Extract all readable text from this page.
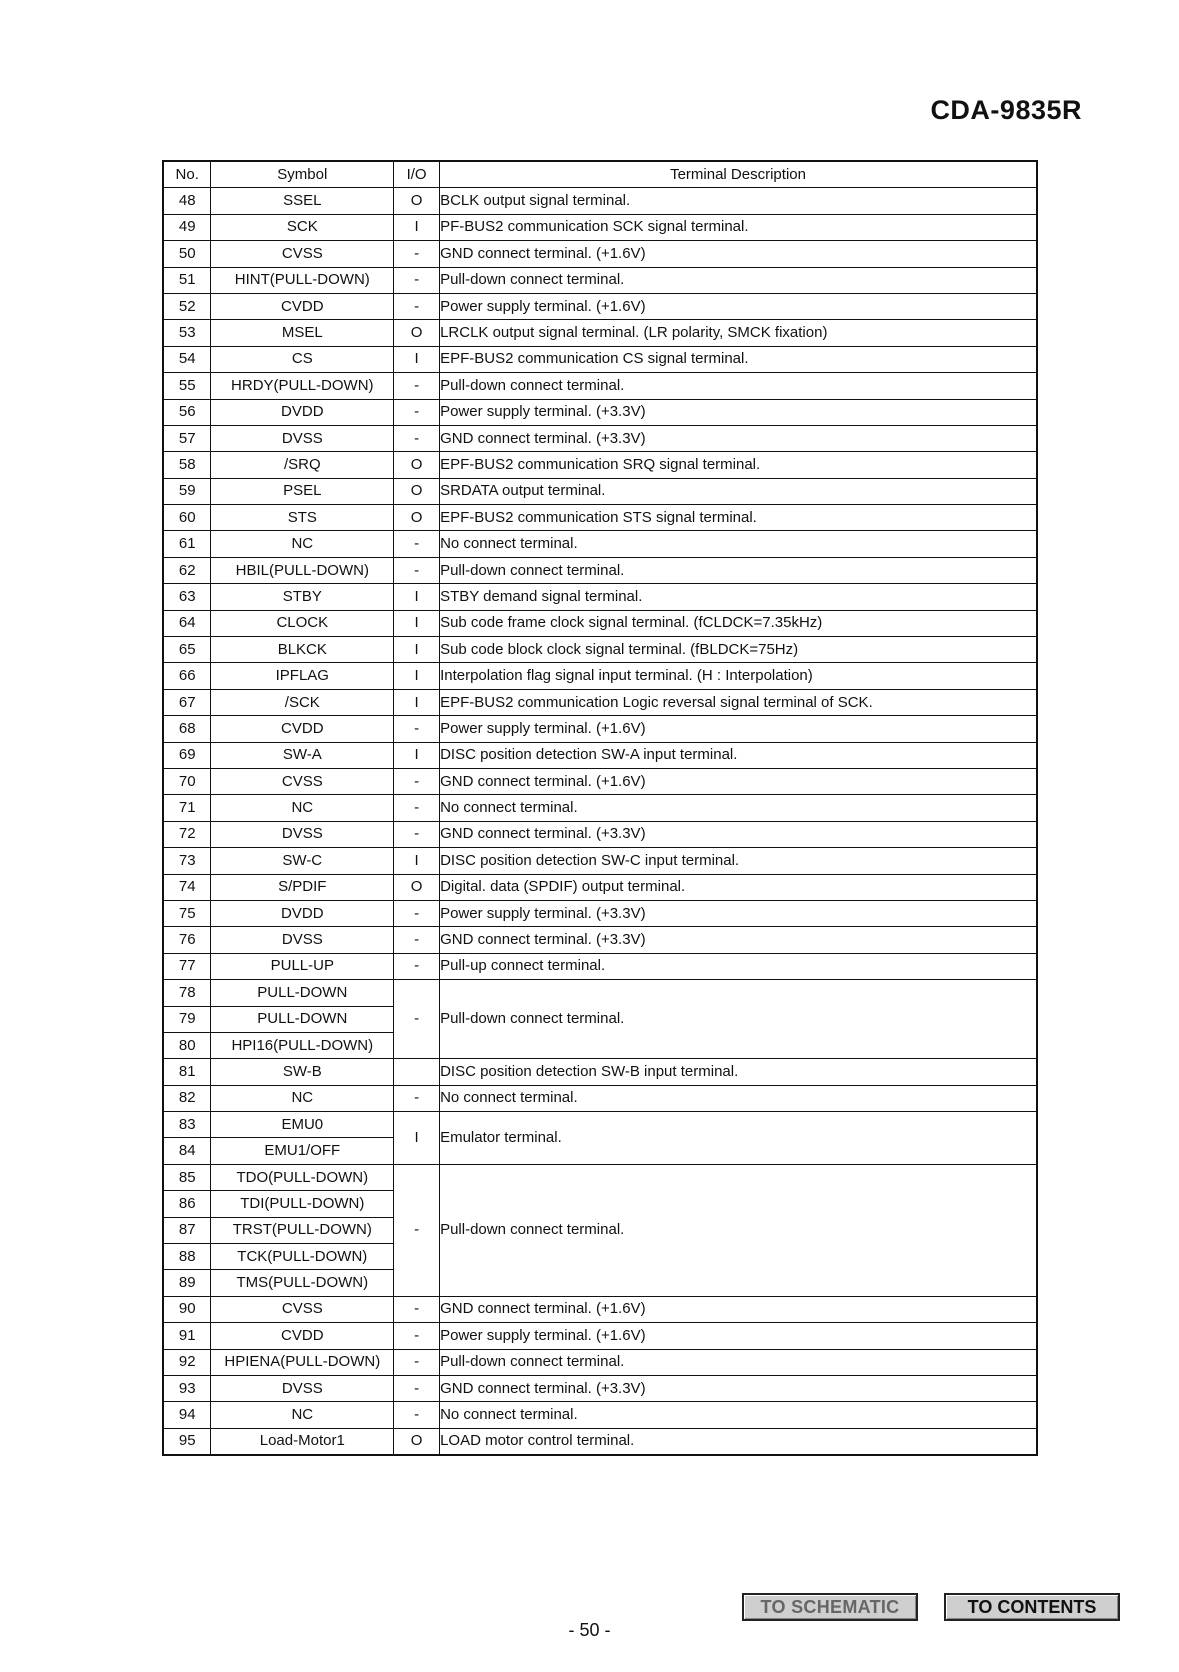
CDA-9835R
No.	Symbol	I/O	Terminal Description
48	SSEL	O	BCLK output signal terminal.
49	SCK	I	PF-BUS2 communication SCK signal terminal.
50	CVSS	-	GND connect terminal. (+1.6V)
51	HINT(PULL-DOWN)	-	Pull-down connect terminal.
52	CVDD	-	Power supply terminal. (+1.6V)
53	MSEL	O	LRCLK output signal terminal. (LR polarity, SMCK fixation)
54	CS	I	EPF-BUS2 communication CS signal terminal.
55	HRDY(PULL-DOWN)	-	Pull-down connect terminal.
56	DVDD	-	Power supply terminal. (+3.3V)
57	DVSS	-	GND connect terminal. (+3.3V)
58	/SRQ	O	EPF-BUS2 communication SRQ signal terminal.
59	PSEL	O	SRDATA output terminal.
60	STS	O	EPF-BUS2 communication STS signal terminal.
61	NC	-	No connect terminal.
62	HBIL(PULL-DOWN)	-	Pull-down connect terminal.
63	STBY	I	STBY demand signal terminal.
64	CLOCK	I	Sub code frame clock signal terminal. (fCLDCK=7.35kHz)
65	BLKCK	I	Sub code block clock signal terminal. (fBLDCK=75Hz)
66	IPFLAG	I	Interpolation flag signal input terminal. (H : Interpolation)
67	/SCK	I	EPF-BUS2 communication Logic reversal signal terminal of SCK.
68	CVDD	-	Power supply terminal. (+1.6V)
69	SW-A	I	DISC position detection SW-A input terminal.
70	CVSS	-	GND connect terminal. (+1.6V)
71	NC	-	No connect terminal.
72	DVSS	-	GND connect terminal. (+3.3V)
73	SW-C	I	DISC position detection SW-C input terminal.
74	S/PDIF	O	Digital. data (SPDIF) output terminal.
75	DVDD	-	Power supply terminal. (+3.3V)
76	DVSS	-	GND connect terminal. (+3.3V)
77	PULL-UP	-	Pull-up connect terminal.
78	PULL-DOWN	-	Pull-down connect terminal.
79	PULL-DOWN		
80	HPI16(PULL-DOWN)		
81	SW-B		DISC position detection SW-B input terminal.
82	NC	-	No connect terminal.
83	EMU0	I	Emulator terminal.
84	EMU1/OFF		
85	TDO(PULL-DOWN)	-	Pull-down connect terminal.
86	TDI(PULL-DOWN)		
87	TRST(PULL-DOWN)		
88	TCK(PULL-DOWN)		
89	TMS(PULL-DOWN)		
90	CVSS	-	GND connect terminal. (+1.6V)
91	CVDD	-	Power supply terminal. (+1.6V)
92	HPIENA(PULL-DOWN)	-	Pull-down connect terminal.
93	DVSS	-	GND connect terminal. (+3.3V)
94	NC	-	No connect terminal.
95	Load-Motor1	O	LOAD motor control terminal.
TO SCHEMATIC	TO CONTENTS
- 50 -
